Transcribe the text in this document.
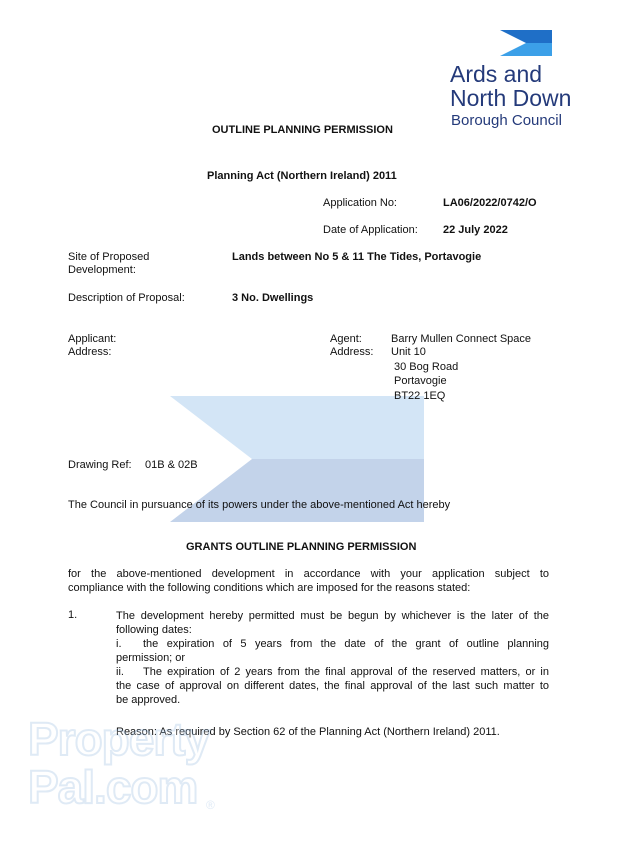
Ards and
North Down
Borough Council
OUTLINE PLANNING PERMISSION
Planning Act (Northern Ireland) 2011
Application No:	LA06/2022/0742/O
Date of Application: 22 July 2022
Site of Proposed
Development:
Lands between No 5 & 11 The Tides, Portavogie
Description of Proposal:	3 No. Dwellings
Applicant:
Address:
Agent:	Barry Mullen Connect Space
Address: Unit 10
30 Bog Road
Portavogie
BT22 1EQ
Drawing Ref: 01B & 02B
The Council in pursuance of its powers under the above-mentioned Act hereby
GRANTS OUTLINE PLANNING PERMISSION
for the above-mentioned development in accordance with your application subject to
compliance with the following conditions which are imposed for the reasons stated:
1.	The development hereby permitted must be begun by whichever is the later of the
following dates:
i. the expiration of 5 years from the date of the grant of outline planning
permission; or
ii. The expiration of 2 years from the final approval of the reserved matters, or in
the case of approval on different dates, the final approval of the last such matter to
be approved.
Reason: As required by Section 62 of the Planning Act (Northern Ireland) 2011.
Property
Pal.com ®
